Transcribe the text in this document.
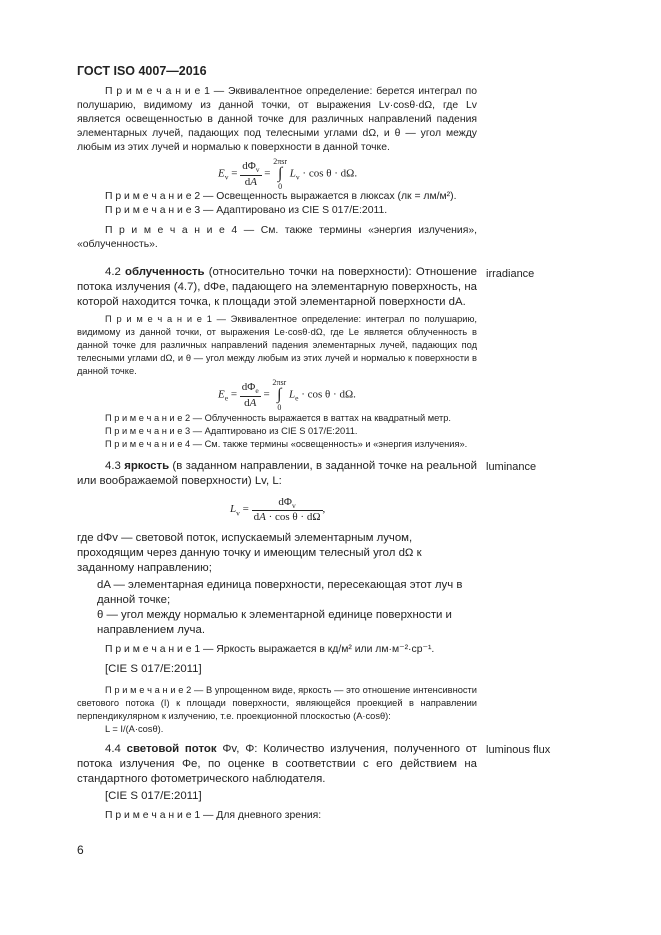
ГОСТ ISO 4007—2016

П р и м е ч а н и е 1 — Эквивалентное определение: берется интеграл по полушарию, видимому из данной точки, от выражения Lv·cosθ·dΩ, где Lv является освещенностью в данной точке для различных направлений падения элементарных лучей, падающих под телесными углами dΩ, и θ — угол между любым из этих лучей и нормалью к поверхности в данной точке.

$E_v = \frac{d\Phi_v}{dA} = 2\pi sr$
∫
0 $L_v \cdot \cos \theta \cdot d\Omega$.

П р и м е ч а н и е 2 — Освещенность выражается в люксах (лк = лм/м²).

П р и м е ч а н и е 3 — Адаптировано из CIE S 017/E:2011.

П р и м е ч а н и е 4 — См. также термины «энергия излучения», «облученность».

4.2 облученность (относительно точки на поверхности): Отношение потока излучения (4.7), dΦe, падающего на элементарную поверхность, на которой находится точка, к площади этой элементарной поверхности dA.

irradiance

П р и м е ч а н и е 1 — Эквивалентное определение: интеграл по полушарию, видимому из данной точки, от выражения Le·cosθ·dΩ, где Le является облученность в данной точке для различных направлений падения элементарных лучей, падающих под телесными углами dΩ, и θ — угол между любым из этих лучей и нормалью к поверхности в данной точке.

$E_e = \frac{d\Phi_e}{dA} = 2\pi sr$
∫
0 $L_e \cdot \cos \theta \cdot d\Omega$.

П р и м е ч а н и е 2 — Облученность выражается в ваттах на квадратный метр.

П р и м е ч а н и е 3 — Адаптировано из CIE S 017/E:2011.

П р и м е ч а н и е 4 — См. также термины «освещенность» и «энергия излучения».

4.3 яркость (в заданном направлении, в заданной точке на реальной или воображаемой поверхности) Lv, L:

luminance
$L_v = \frac{d\Phi_v}{\text{dA · cos θ · dΩ}}$ ,
где dΦv — световой поток, испускаемый элементарным лучом, проходящим через данную точку и имеющим телесный угол dΩ к заданному направлению;
dA — элементарная единица поверхности, пересекающая этот луч в данной точке;
θ — угол между нормалью к элементарной единице поверхности и направлением луча.

П р и м е ч а н и е 1 — Яркость выражается в кд/м² или лм·м⁻²·ср⁻¹.

[CIE S 017/E:2011]

П р и м е ч а н и е 2 — В упрощенном виде, яркость — это отношение интенсивности светового потока (I) к площади поверхности, являющейся проекцией в направлении перпендикулярном к излучению, т.е. проекционной плоскостью (A·cosθ):

L = I/(A·cosθ).

4.4 световой поток Φv, Φ: Количество излучения, полученного от потока излучения Φe, по оценке в соответствии с его действием на стандартного фотометрического наблюдателя.

luminous flux

[CIE S 017/E:2011]

П р и м е ч а н и е 1 — Для дневного зрения:

6
